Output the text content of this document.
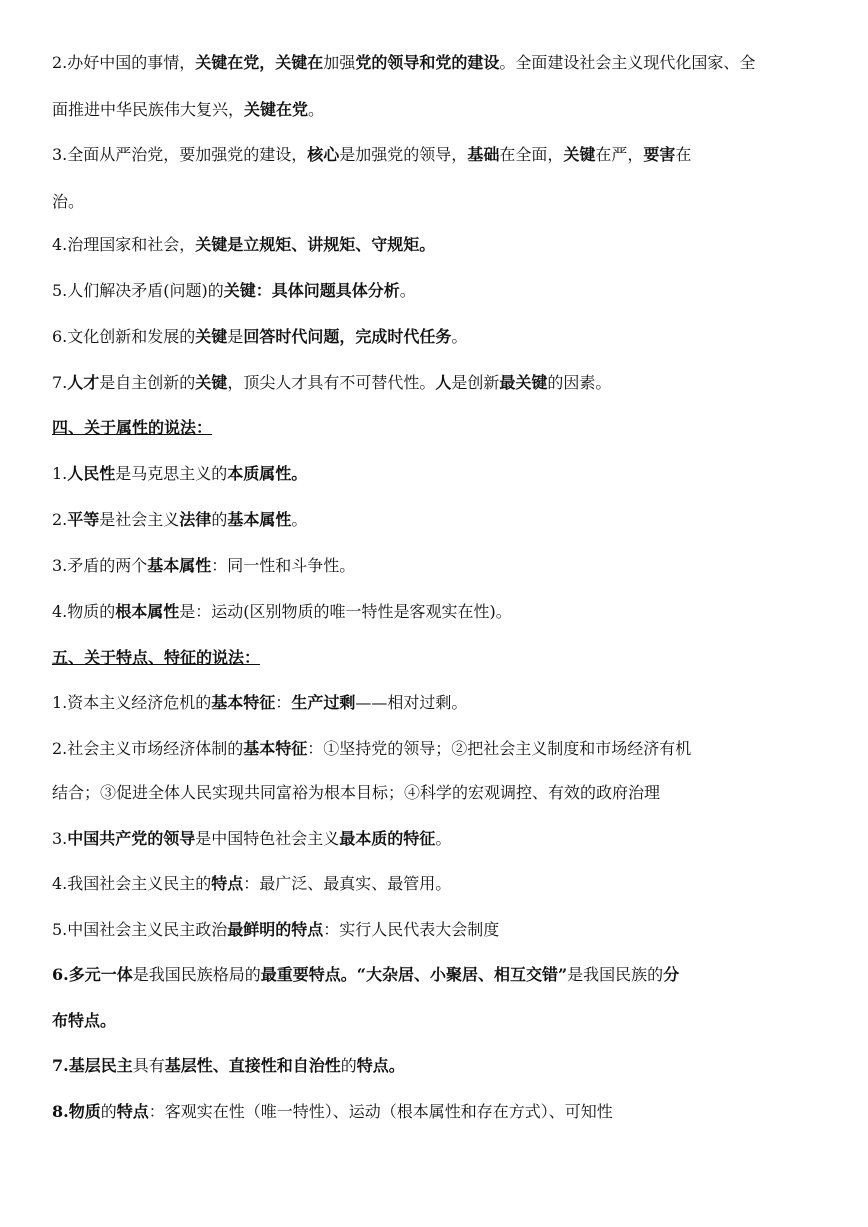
2.办好中国的事情，关键在党，关键在加强党的领导和党的建设。全面建设社会主义现代化国家、全
面推进中华民族伟大复兴，关键在党。
3.全面从严治党，要加强党的建设，核心是加强党的领导，基础在全面，关键在严，要害在
治。
4.治理国家和社会，关键是立规矩、讲规矩、守规矩。
5.人们解决矛盾(问题)的关键：具体问题具体分析。
6.文化创新和发展的关键是回答时代问题，完成时代任务。
7.人才是自主创新的关键，顶尖人才具有不可替代性。人是创新最关键的因素。
四、关于属性的说法：
1.人民性是马克思主义的本质属性。
2.平等是社会主义法律的基本属性。
3.矛盾的两个基本属性：同一性和斗争性。
4.物质的根本属性是：运动(区别物质的唯一特性是客观实在性)。
五、关于特点、特征的说法：
1.资本主义经济危机的基本特征：生产过剩——相对过剩。
2.社会主义市场经济体制的基本特征：①坚持党的领导；②把社会主义制度和市场经济有机
结合；③促进全体人民实现共同富裕为根本目标；④科学的宏观调控、有效的政府治理
3.中国共产党的领导是中国特色社会主义最本质的特征。
4.我国社会主义民主的特点：最广泛、最真实、最管用。
5.中国社会主义民主政治最鲜明的特点：实行人民代表大会制度
6.多元一体是我国民族格局的最重要特点。“大杂居、小聚居、相互交错”是我国民族的分
布特点。
7.基层民主具有基层性、直接性和自治性的特点。
8.物质的特点：客观实在性（唯一特性）、运动（根本属性和存在方式）、可知性
